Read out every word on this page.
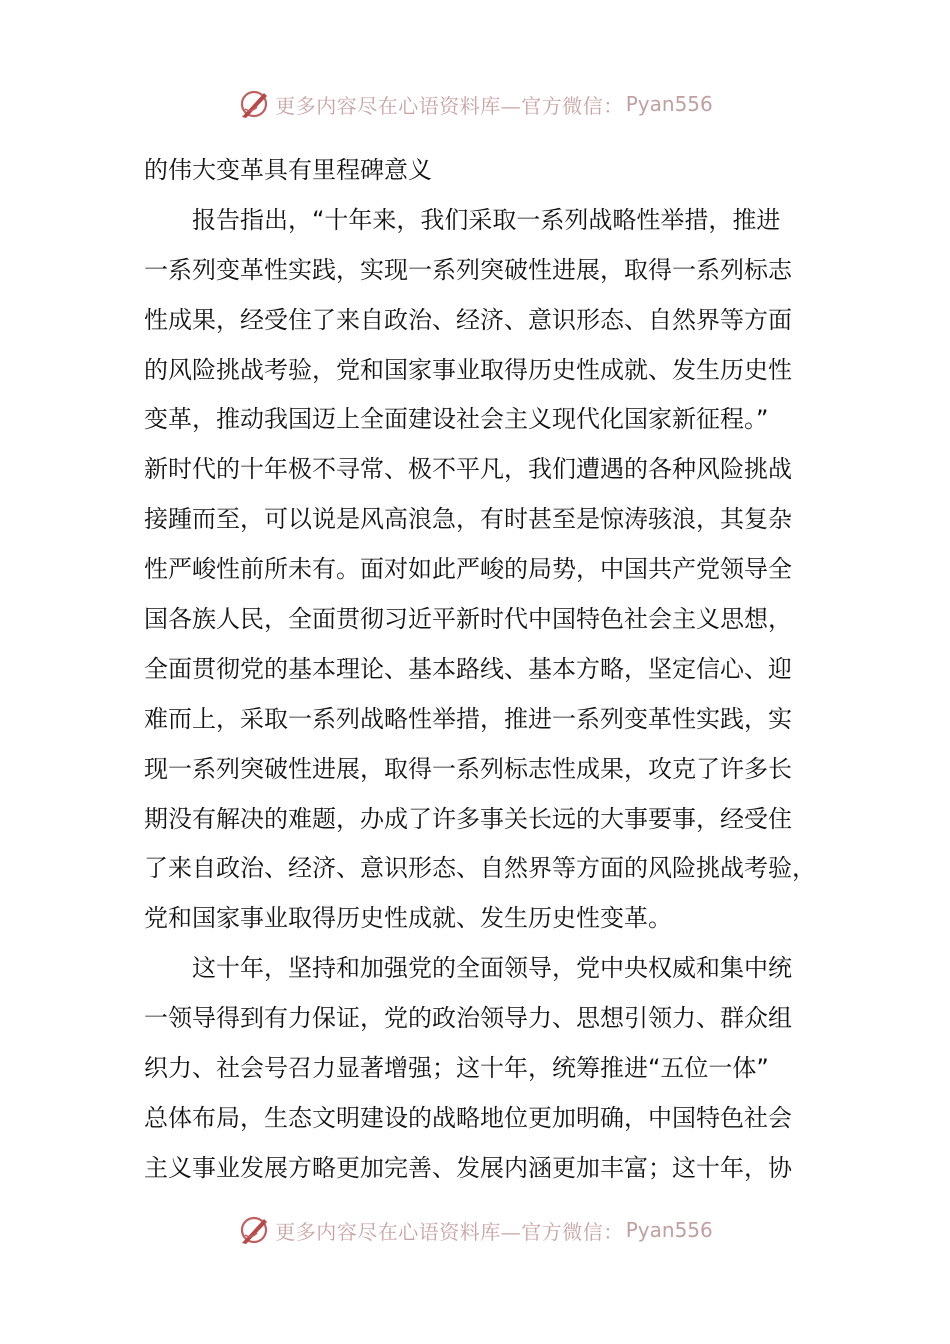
更多内容尽在心语资料库—官方微信： Pyan556
的伟大变革具有里程碑意义
报告指出，“十年来，我们采取一系列战略性举措，推进
一系列变革性实践，实现一系列突破性进展，取得一系列标志
性成果，经受住了来自政治、经济、意识形态、自然界等方面
的风险挑战考验，党和国家事业取得历史性成就、发生历史性
变革，推动我国迈上全面建设社会主义现代化国家新征程。”
新时代的十年极不寻常、极不平凡，我们遭遇的各种风险挑战
接踵而至，可以说是风高浪急，有时甚至是惊涛骇浪，其复杂
性严峻性前所未有。面对如此严峻的局势，中国共产党领导全
国各族人民，全面贯彻习近平新时代中国特色社会主义思想，
全面贯彻党的基本理论、基本路线、基本方略，坚定信心、迎
难而上，采取一系列战略性举措，推进一系列变革性实践，实
现一系列突破性进展，取得一系列标志性成果，攻克了许多长
期没有解决的难题，办成了许多事关长远的大事要事，经受住
了来自政治、经济、意识形态、自然界等方面的风险挑战考验，
党和国家事业取得历史性成就、发生历史性变革。
这十年，坚持和加强党的全面领导，党中央权威和集中统
一领导得到有力保证，党的政治领导力、思想引领力、群众组
织力、社会号召力显著增强；这十年，统筹推进“五位一体”
总体布局，生态文明建设的战略地位更加明确，中国特色社会
主义事业发展方略更加完善、发展内涵更加丰富；这十年，协
更多内容尽在心语资料库—官方微信： Pyan556
